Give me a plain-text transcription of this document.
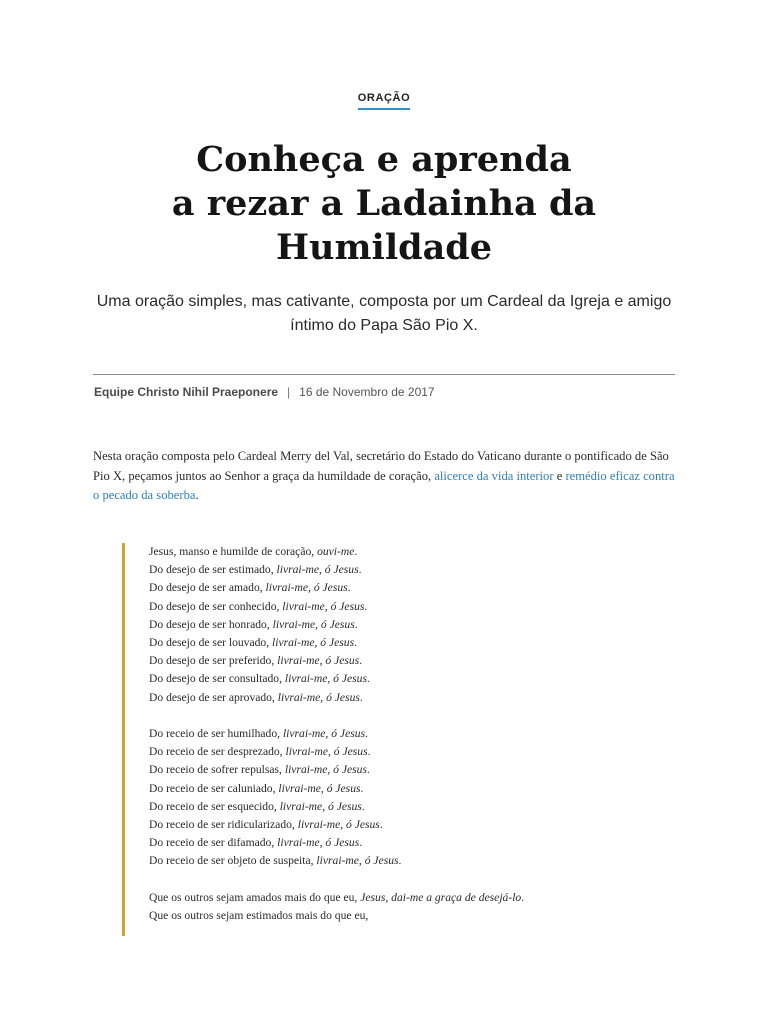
ORAÇÃO
Conheça e aprenda
a rezar a Ladainha da
Humildade

Uma oração simples, mas cativante, composta por um Cardeal da Igreja e amigo íntimo do Papa São Pio X.

Equipe Christo Nihil Praeponere | 16 de Novembro de 2017

Nesta oração composta pelo Cardeal Merry del Val, secretário do Estado do Vaticano durante o pontificado de São Pio X, peçamos juntos ao Senhor a graça da humildade de coração, alicerce da vida interior e remédio eficaz contra o pecado da soberba.

Jesus, manso e humilde de coração, ouvi-me.
Do desejo de ser estimado, livrai-me, ó Jesus.
Do desejo de ser amado, livrai-me, ó Jesus.
Do desejo de ser conhecido, livrai-me, ó Jesus.
Do desejo de ser honrado, livrai-me, ó Jesus.
Do desejo de ser louvado, livrai-me, ó Jesus.
Do desejo de ser preferido, livrai-me, ó Jesus.
Do desejo de ser consultado, livrai-me, ó Jesus.
Do desejo de ser aprovado, livrai-me, ó Jesus.
Do receio de ser humilhado, livrai-me, ó Jesus.
Do receio de ser desprezado, livrai-me, ó Jesus.
Do receio de sofrer repulsas, livrai-me, ó Jesus.
Do receio de ser caluniado, livrai-me, ó Jesus.
Do receio de ser esquecido, livrai-me, ó Jesus.
Do receio de ser ridicularizado, livrai-me, ó Jesus.
Do receio de ser difamado, livrai-me, ó Jesus.
Do receio de ser objeto de suspeita, livrai-me, ó Jesus.
Que os outros sejam amados mais do que eu, Jesus, dai-me a graça de desejá-lo.
Que os outros sejam estimados mais do que eu,
